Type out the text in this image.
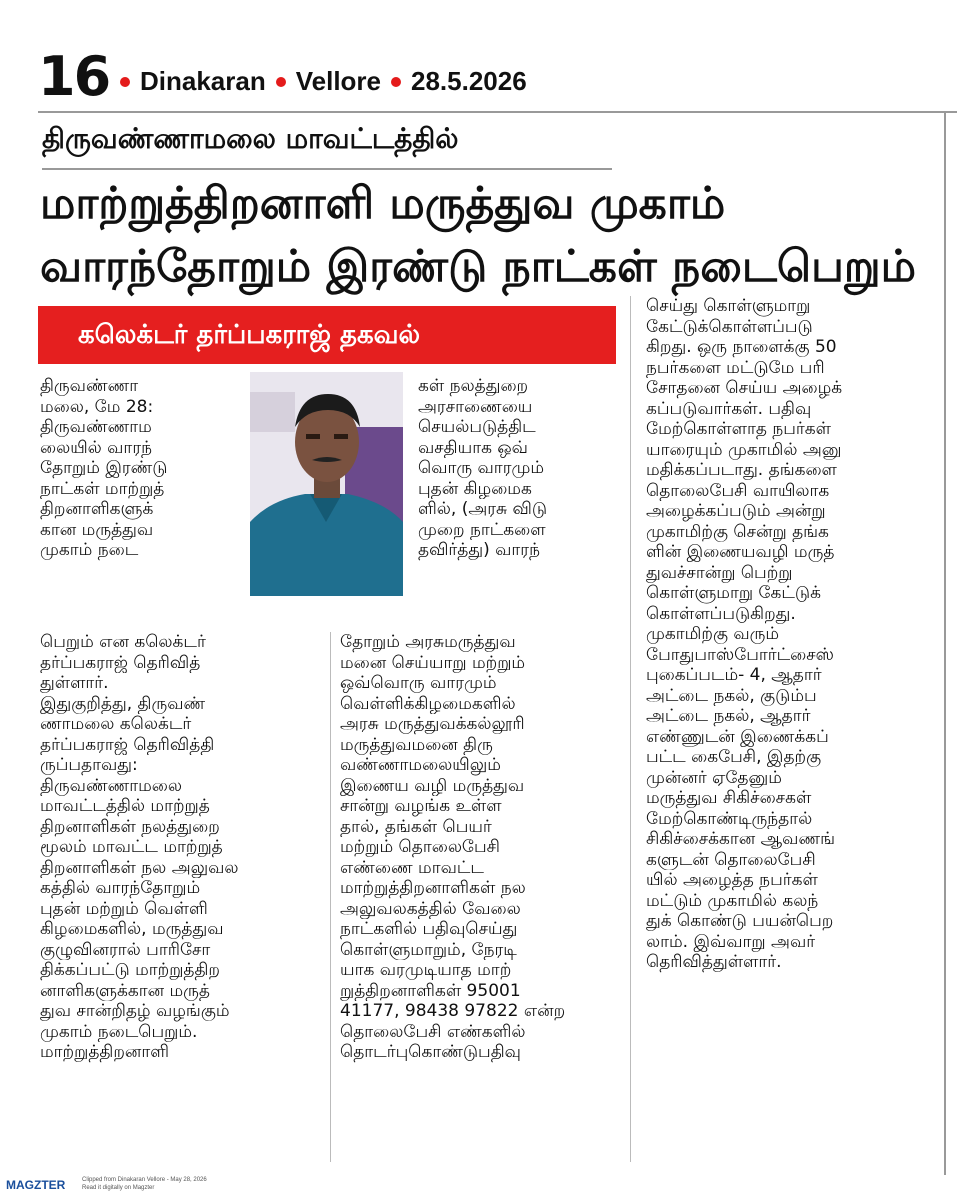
16 Dinakaran Vellore 28.5.2026
திருவண்ணாமலை மாவட்டத்தில்
மாற்றுத்திறனாளி மருத்துவ முகாம்
வாரந்தோறும் இரண்டு நாட்கள் நடைபெறும்
கலெக்டர் தர்ப்பகராஜ் தகவல்

திருவண்ணா

மலை, மே 28:

திருவண்ணாம

லையில் வாரந்

தோறும் இரண்டு

நாட்கள் மாற்றுத்

திறனாளிகளுக்

கான மருத்துவ

முகாம் நடை

பெறும் என கலெக்டர்

தர்ப்பகராஜ் தெரிவித்

துள்ளார்.

இதுகுறித்து, திருவண்

ணாமலை கலெக்டர்

தர்ப்பகராஜ் தெரிவித்தி

ருப்பதாவது:

திருவண்ணாமலை

மாவட்டத்தில் மாற்றுத்

திறனாளிகள் நலத்துறை

மூலம் மாவட்ட மாற்றுத்

திறனாளிகள் நல அலுவல

கத்தில் வாரந்தோறும்

புதன் மற்றும் வெள்ளி

கிழமைகளில், மருத்துவ

குழுவினரால் பாரிசோ

திக்கப்பட்டு மாற்றுத்திற

னாளிகளுக்கான மருத்

துவ சான்றிதழ் வழங்கும்

முகாம் நடைபெறும்.

மாற்றுத்திறனாளி

கள் நலத்துறை

அரசாணையை

செயல்படுத்திட

வசதியாக ஒவ்

வொரு வாரமும்

புதன் கிழமைக

ளில், (அரசு விடு

முறை நாட்களை

தவிர்த்து) வாரந்

தோறும் அரசுமருத்துவ

மனை செய்யாறு மற்றும்

ஒவ்வொரு வாரமும்

வெள்ளிக்கிழமைகளில்

அரசு மருத்துவக்கல்லூரி

மருத்துவமனை திரு

வண்ணாமலையிலும்

இணைய வழி மருத்துவ

சான்று வழங்க உள்ள

தால், தங்கள் பெயர்

மற்றும் தொலைபேசி

எண்ணை மாவட்ட

மாற்றுத்திறனாளிகள் நல

அலுவலகத்தில் வேலை

நாட்களில் பதிவுசெய்து

கொள்ளுமாறும், நேரடி

யாக வரமுடியாத மாற்

றுத்திறனாளிகள் 95001

41177, 98438 97822 என்ற

தொலைபேசி எண்களில்

தொடர்புகொண்டுபதிவு

செய்து கொள்ளுமாறு

கேட்டுக்கொள்ளப்படு

கிறது. ஒரு நாளைக்கு 50

நபர்களை மட்டுமே பரி

சோதனை செய்ய அழைக்

கப்படுவார்கள். பதிவு

மேற்கொள்ளாத நபர்கள்

யாரையும் முகாமில் அனு

மதிக்கப்படாது. தங்களை

தொலைபேசி வாயிலாக

அழைக்கப்படும் அன்று

முகாமிற்கு சென்று தங்க

ளின் இணையவழி மருத்

துவச்சான்று பெற்று

கொள்ளுமாறு கேட்டுக்

கொள்ளப்படுகிறது.

முகாமிற்கு வரும்

போதுபாஸ்போர்ட்சைஸ்

புகைப்படம்- 4, ஆதார்

அட்டை நகல், குடும்ப

அட்டை நகல், ஆதார்

எண்ணுடன் இணைக்கப்

பட்ட கைபேசி, இதற்கு

முன்னர் ஏதேனும்

மருத்துவ சிகிச்சைகள்

மேற்கொண்டிருந்தால்

சிகிச்சைக்கான ஆவணங்

களுடன் தொலைபேசி

யில் அழைத்த நபர்கள்

மட்டும் முகாமில் கலந்

துக் கொண்டு பயன்பெற

லாம். இவ்வாறு அவர்

தெரிவித்துள்ளார்.

MAGZTER	Clipped from Dinakaran Vellore - May 28, 2026
Read it digitally on Magzter
